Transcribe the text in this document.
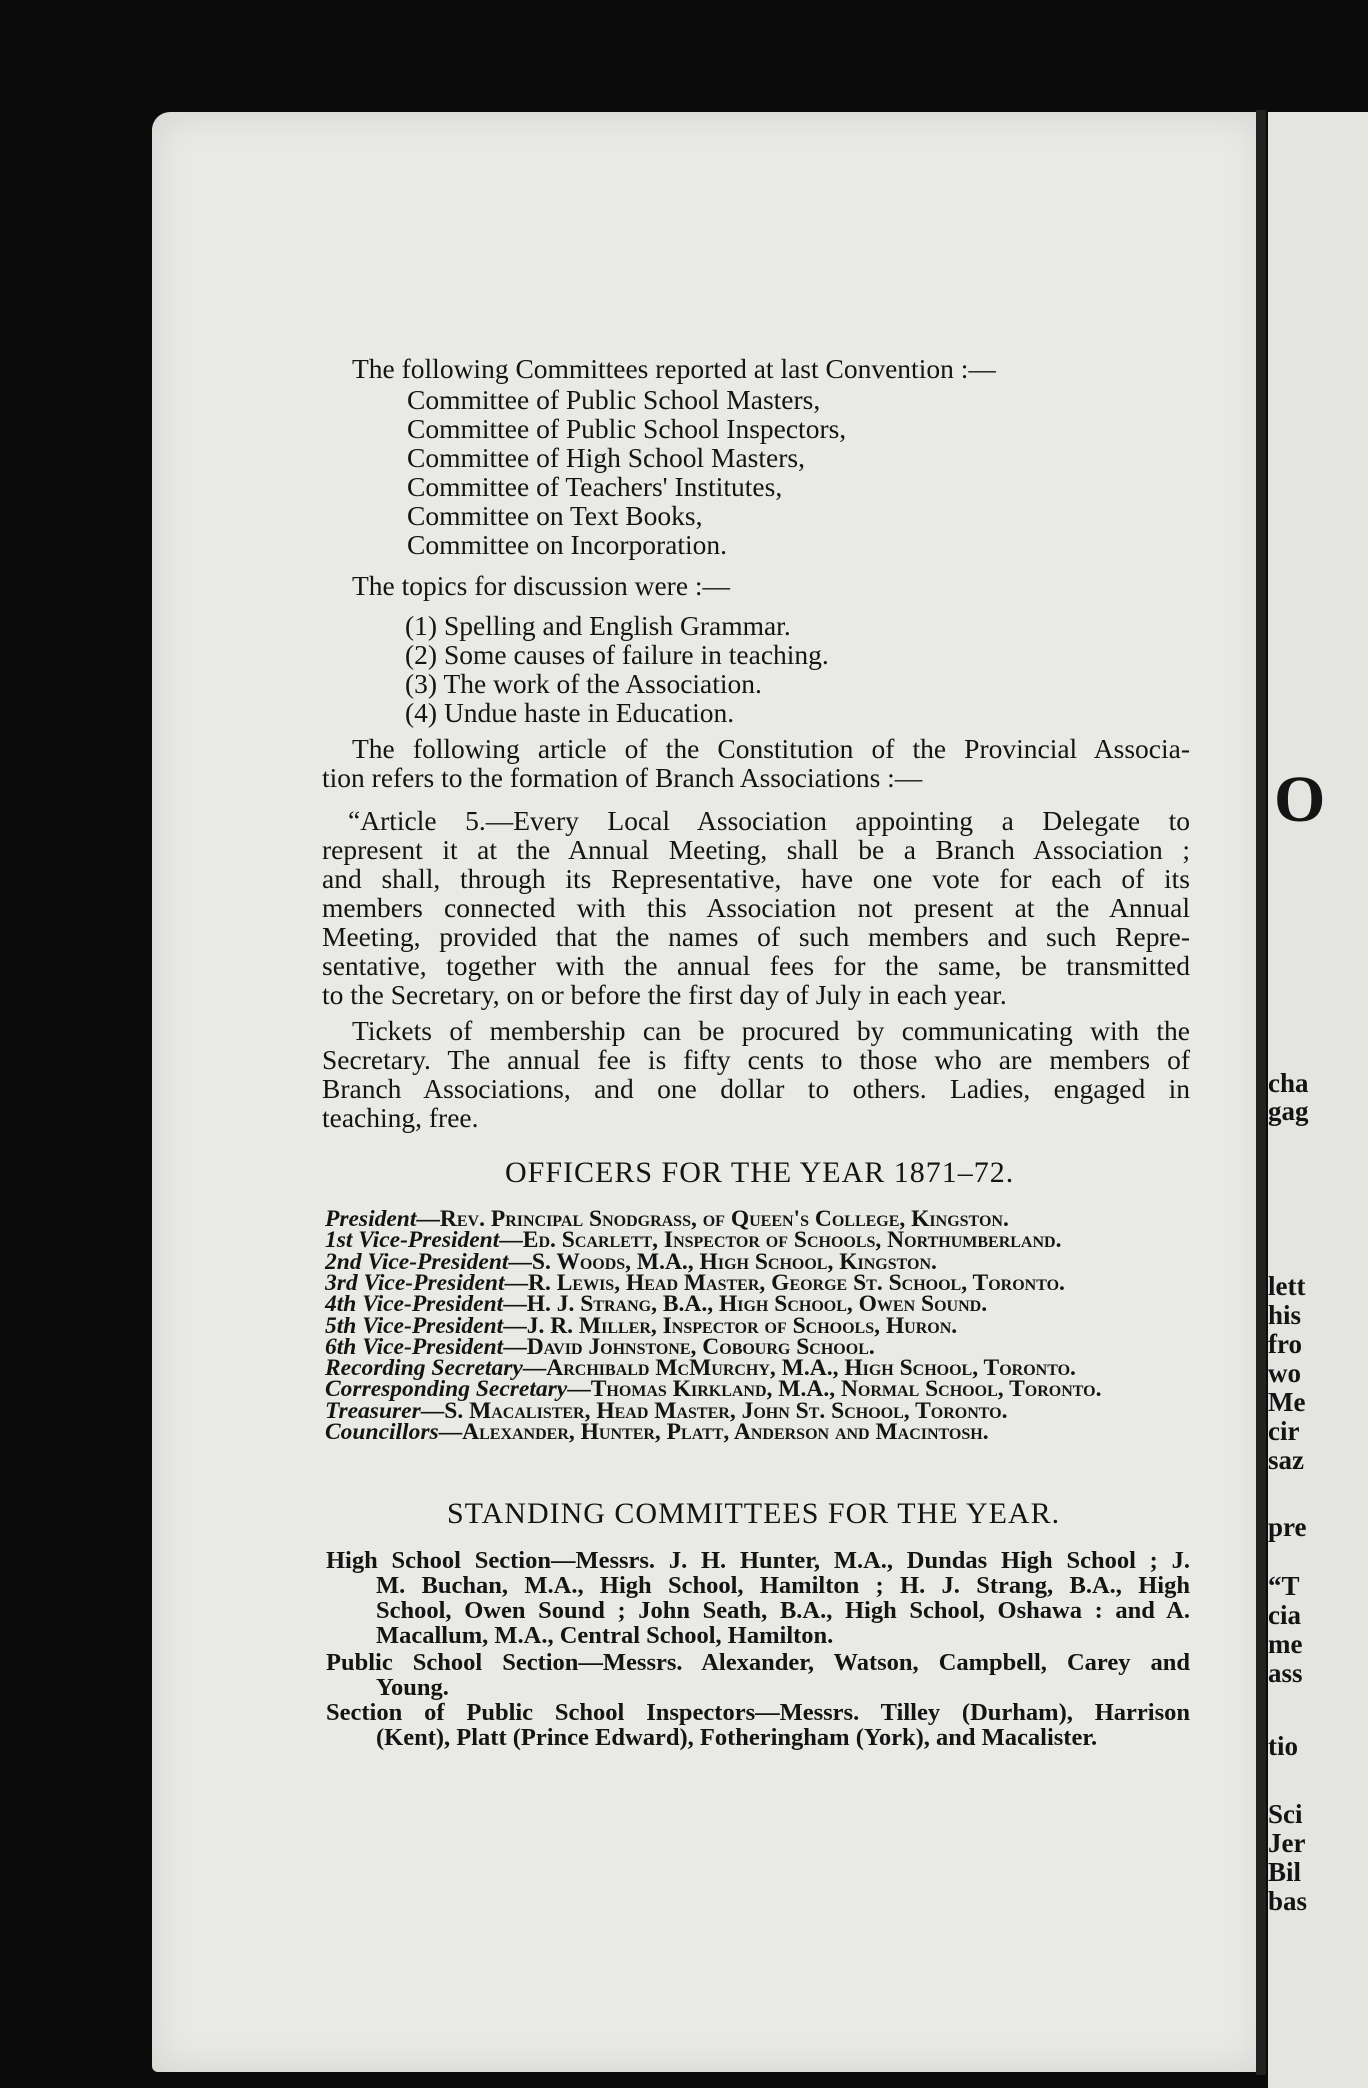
O
cha
gag
lett
his
fro
wo
Me
cir
saz
pre
“T
cia
me
ass
tio
Sci
Jer
Bil
bas
The following Committees reported at last Convention :—
Committee of Public School Masters,
Committee of Public School Inspectors,
Committee of High School Masters,
Committee of Teachers' Institutes,
Committee on Text Books,
Committee on Incorporation.
The topics for discussion were :—
(1) Spelling and English Grammar.
(2) Some causes of failure in teaching.
(3) The work of the Association.
(4) Undue haste in Education.
The following article of the Constitution of the Provincial Associa-
tion refers to the formation of Branch Associations :—
“Article 5.—Every Local Association appointing a Delegate to
represent it at the Annual Meeting, shall be a Branch Association ;
and shall, through its Representative, have one vote for each of its
members connected with this Association not present at the Annual
Meeting, provided that the names of such members and such Repre-
sentative, together with the annual fees for the same, be transmitted
to the Secretary, on or before the first day of July in each year.
Tickets of membership can be procured by communicating with the
Secretary. The annual fee is fifty cents to those who are members of
Branch Associations, and one dollar to others. Ladies, engaged in
teaching, free.
OFFICERS FOR THE YEAR 1871–72.
President—Rev. Principal Snodgrass, of Queen's College, Kingston.
1st Vice-President—Ed. Scarlett, Inspector of Schools, Northumberland.
2nd Vice-President—S. Woods, M.A., High School, Kingston.
3rd Vice-President—R. Lewis, Head Master, George St. School, Toronto.
4th Vice-President—H. J. Strang, B.A., High School, Owen Sound.
5th Vice-President—J. R. Miller, Inspector of Schools, Huron.
6th Vice-President—David Johnstone, Cobourg School.
Recording Secretary—Archibald McMurchy, M.A., High School, Toronto.
Corresponding Secretary—Thomas Kirkland, M.A., Normal School, Toronto.
Treasurer—S. Macalister, Head Master, John St. School, Toronto.
Councillors—Alexander, Hunter, Platt, Anderson and Macintosh.
STANDING COMMITTEES FOR THE YEAR.
High School Section—Messrs. J. H. Hunter, M.A., Dundas High School ; J.
M. Buchan, M.A., High School, Hamilton ; H. J. Strang, B.A., High
School, Owen Sound ; John Seath, B.A., High School, Oshawa : and A.
Macallum, M.A., Central School, Hamilton.
Public School Section—Messrs. Alexander, Watson, Campbell, Carey and
Young.
Section of Public School Inspectors—Messrs. Tilley (Durham), Harrison
(Kent), Platt (Prince Edward), Fotheringham (York), and Macalister.
